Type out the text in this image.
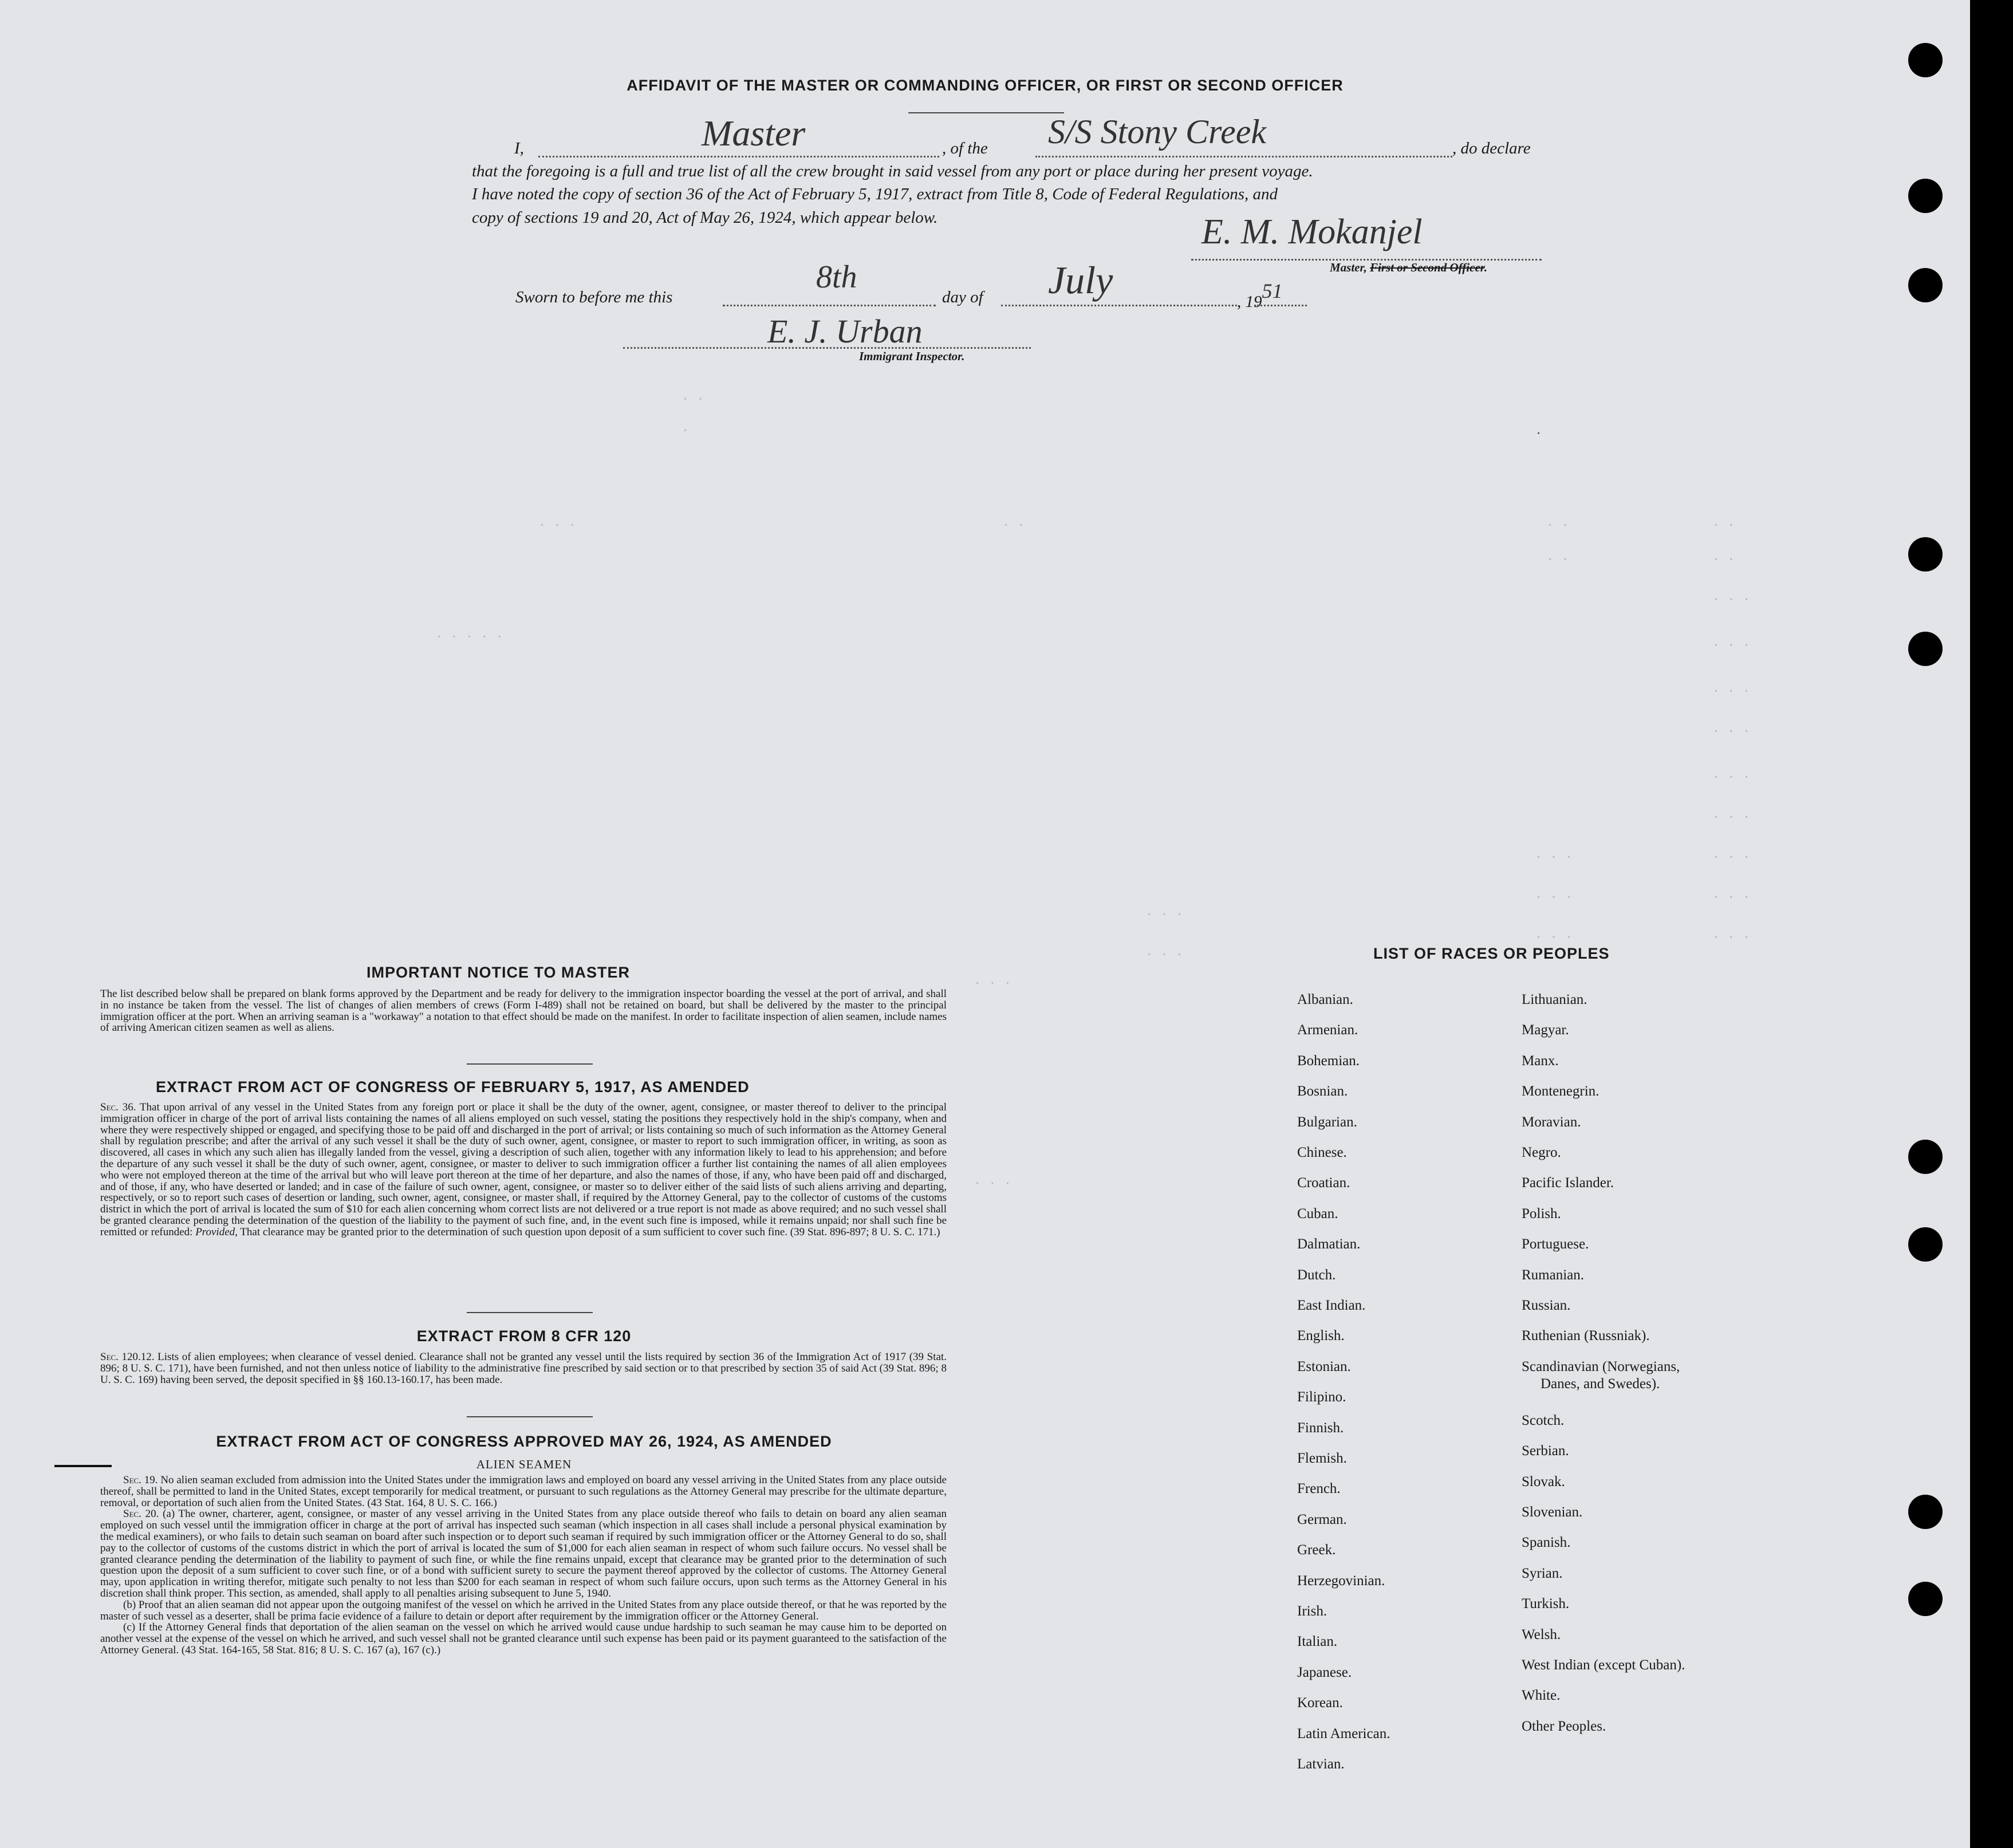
AFFIDAVIT OF THE MASTER OR COMMANDING OFFICER, OR FIRST OR SECOND OFFICER
I,	Master	, of the S/S Stony Creek	, do declare
that the foregoing is a full and true list of all the crew brought in said vessel from any port or place during her present voyage.
I have noted the copy of section 36 of the Act of February 5, 1917, extract from Title 8, Code of Federal Regulations, and
copy of sections 19 and 20, Act of May 26, 1924, which appear below.	E. M. Mokanjel
Master, First or Second Officer.
Sworn to before me this
8th
day of July	, 1951
E. J. Urban
Immigrant Inspector.
. .
.	.
. . .	. .	. .	. .
. .	. .
. . .
. . . . .
. . .
. . .
. . .
. . .
. . .
. . .
. . .
. . .
. . .
. . .
. . .
. . .
. . .
. . .
. . .
IMPORTANT NOTICE TO MASTER
The list described below shall be prepared on blank forms approved by the Department and be ready for delivery to the immigration inspector boarding the vessel at the port of arrival, and shall in no instance be taken from the vessel. The list of changes of alien members of crews (Form I-489) shall not be retained on board, but shall be delivered by the master to the principal immigration officer at the port. When an arriving seaman is a "workaway" a notation to that effect should be made on the manifest. In order to facilitate inspection of alien seamen, include names of arriving American citizen seamen as well as aliens.
EXTRACT FROM ACT OF CONGRESS OF FEBRUARY 5, 1917, AS AMENDED
Sec. 36. That upon arrival of any vessel in the United States from any foreign port or place it shall be the duty of the owner, agent, consignee, or master thereof to deliver to the principal immigration officer in charge of the port of arrival lists containing the names of all aliens employed on such vessel, stating the positions they respectively hold in the ship's company, when and where they were respectively shipped or engaged, and specifying those to be paid off and discharged in the port of arrival; or lists containing so much of such information as the Attorney General shall by regulation prescribe; and after the arrival of any such vessel it shall be the duty of such owner, agent, consignee, or master to report to such immigration officer, in writing, as soon as discovered, all cases in which any such alien has illegally landed from the vessel, giving a description of such alien, together with any information likely to lead to his apprehension; and before the departure of any such vessel it shall be the duty of such owner, agent, consignee, or master to deliver to such immigration officer a further list containing the names of all alien employees who were not employed thereon at the time of the arrival but who will leave port thereon at the time of her departure, and also the names of those, if any, who have been paid off and discharged, and of those, if any, who have deserted or landed; and in case of the failure of such owner, agent, consignee, or master so to deliver either of the said lists of such aliens arriving and departing, respectively, or so to report such cases of desertion or landing, such owner, agent, consignee, or master shall, if required by the Attorney General, pay to the collector of customs of the customs district in which the port of arrival is located the sum of $10 for each alien concerning whom correct lists are not delivered or a true report is not made as above required; and no such vessel shall be granted clearance pending the determination of the question of the liability to the payment of such fine, and, in the event such fine is imposed, while it remains unpaid; nor shall such fine be remitted or refunded: Provided, That clearance may be granted prior to the determination of such question upon deposit of a sum sufficient to cover such fine. (39 Stat. 896-897; 8 U. S. C. 171.)
EXTRACT FROM 8 CFR 120
Sec. 120.12. Lists of alien employees; when clearance of vessel denied. Clearance shall not be granted any vessel until the lists required by section 36 of the Immigration Act of 1917 (39 Stat. 896; 8 U. S. C. 171), have been furnished, and not then unless notice of liability to the administrative fine prescribed by said section or to that prescribed by section 35 of said Act (39 Stat. 896; 8 U. S. C. 169) having been served, the deposit specified in §§ 160.13-160.17, has been made.
EXTRACT FROM ACT OF CONGRESS APPROVED MAY 26, 1924, AS AMENDED
ALIEN SEAMEN
Sec. 19. No alien seaman excluded from admission into the United States under the immigration laws and employed on board any vessel arriving in the United States from any place outside thereof, shall be permitted to land in the United States, except temporarily for medical treatment, or pursuant to such regulations as the Attorney General may prescribe for the ultimate departure, removal, or deportation of such alien from the United States. (43 Stat. 164, 8 U. S. C. 166.)
Sec. 20. (a) The owner, charterer, agent, consignee, or master of any vessel arriving in the United States from any place outside thereof who fails to detain on board any alien seaman employed on such vessel until the immigration officer in charge at the port of arrival has inspected such seaman (which inspection in all cases shall include a personal physical examination by the medical examiners), or who fails to detain such seaman on board after such inspection or to deport such seaman if required by such immigration officer or the Attorney General to do so, shall pay to the collector of customs of the customs district in which the port of arrival is located the sum of $1,000 for each alien seaman in respect of whom such failure occurs. No vessel shall be granted clearance pending the determination of the liability to payment of such fine, or while the fine remains unpaid, except that clearance may be granted prior to the determination of such question upon the deposit of a sum sufficient to cover such fine, or of a bond with sufficient surety to secure the payment thereof approved by the collector of customs. The Attorney General may, upon application in writing therefor, mitigate such penalty to not less than $200 for each seaman in respect of whom such failure occurs, upon such terms as the Attorney General in his discretion shall think proper. This section, as amended, shall apply to all penalties arising subsequent to June 5, 1940.
(b) Proof that an alien seaman did not appear upon the outgoing manifest of the vessel on which he arrived in the United States from any place outside thereof, or that he was reported by the master of such vessel as a deserter, shall be prima facie evidence of a failure to detain or deport after requirement by the immigration officer or the Attorney General.
(c) If the Attorney General finds that deportation of the alien seaman on the vessel on which he arrived would cause undue hardship to such seaman he may cause him to be deported on another vessel at the expense of the vessel on which he arrived, and such vessel shall not be granted clearance until such expense has been paid or its payment guaranteed to the satisfaction of the Attorney General. (43 Stat. 164-165, 58 Stat. 816; 8 U. S. C. 167 (a), 167 (c).)
LIST OF RACES OR PEOPLES
Albanian.
Armenian.
Bohemian.
Bosnian.
Bulgarian.
Chinese.
Croatian.
Cuban.
Dalmatian.
Dutch.
East Indian.
English.
Estonian.
Filipino.
Finnish.
Flemish.
French.
German.
Greek.
Herzegovinian.
Irish.
Italian.
Japanese.
Korean.
Latin American.
Latvian.
Lithuanian.
Magyar.
Manx.
Montenegrin.
Moravian.
Negro.
Pacific Islander.
Polish.
Portuguese.
Rumanian.
Russian.
Ruthenian (Russniak).
Scandinavian (Norwegians,
Danes, and Swedes).
Scotch.
Serbian.
Slovak.
Slovenian.
Spanish.
Syrian.
Turkish.
Welsh.
West Indian (except Cuban).
White.
Other Peoples.
